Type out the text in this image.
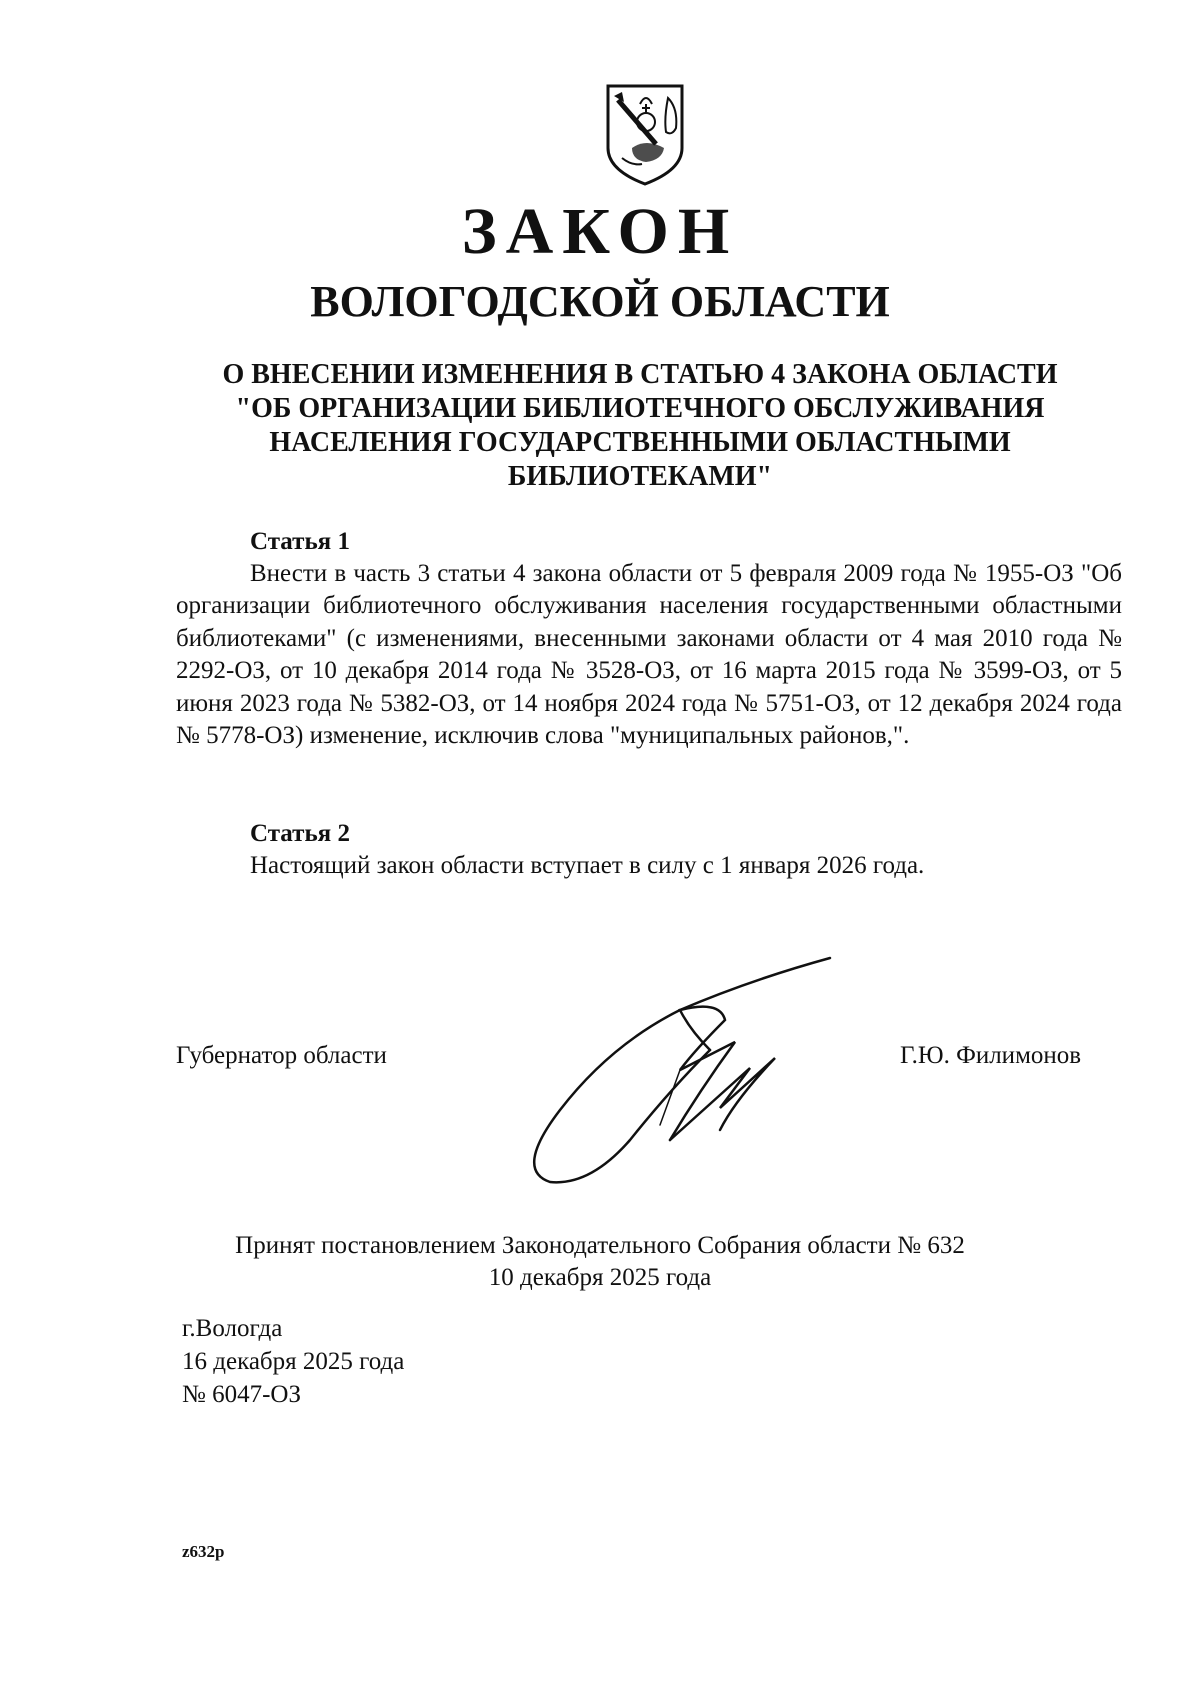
ЗАКОН
ВОЛОГОДСКОЙ ОБЛАСТИ
О ВНЕСЕНИИ ИЗМЕНЕНИЯ В СТАТЬЮ 4 ЗАКОНА ОБЛАСТИ
"ОБ ОРГАНИЗАЦИИ БИБЛИОТЕЧНОГО ОБСЛУЖИВАНИЯ
НАСЕЛЕНИЯ ГОСУДАРСТВЕННЫМИ ОБЛАСТНЫМИ
БИБЛИОТЕКАМИ"
Статья 1
Внести в часть 3 статьи 4 закона области от 5 февраля 2009 года № 1955-ОЗ "Об организации библиотечного обслуживания населения государственными областными библиотеками" (с изменениями, внесенными законами области от 4 мая 2010 года № 2292-ОЗ, от 10 декабря 2014 года № 3528-ОЗ, от 16 марта 2015 года № 3599-ОЗ, от 5 июня 2023 года № 5382-ОЗ, от 14 ноября 2024 года № 5751-ОЗ, от 12 декабря 2024 года № 5778-ОЗ) изменение, исключив слова "муниципальных районов,".
Статья 2
Настоящий закон области вступает в силу с 1 января 2026 года.
Губернатор области	Г.Ю. Филимонов
Принят постановлением Законодательного Собрания области № 632
10 декабря 2025 года
г.Вологда
16 декабря 2025 года
№ 6047-ОЗ
z632p
